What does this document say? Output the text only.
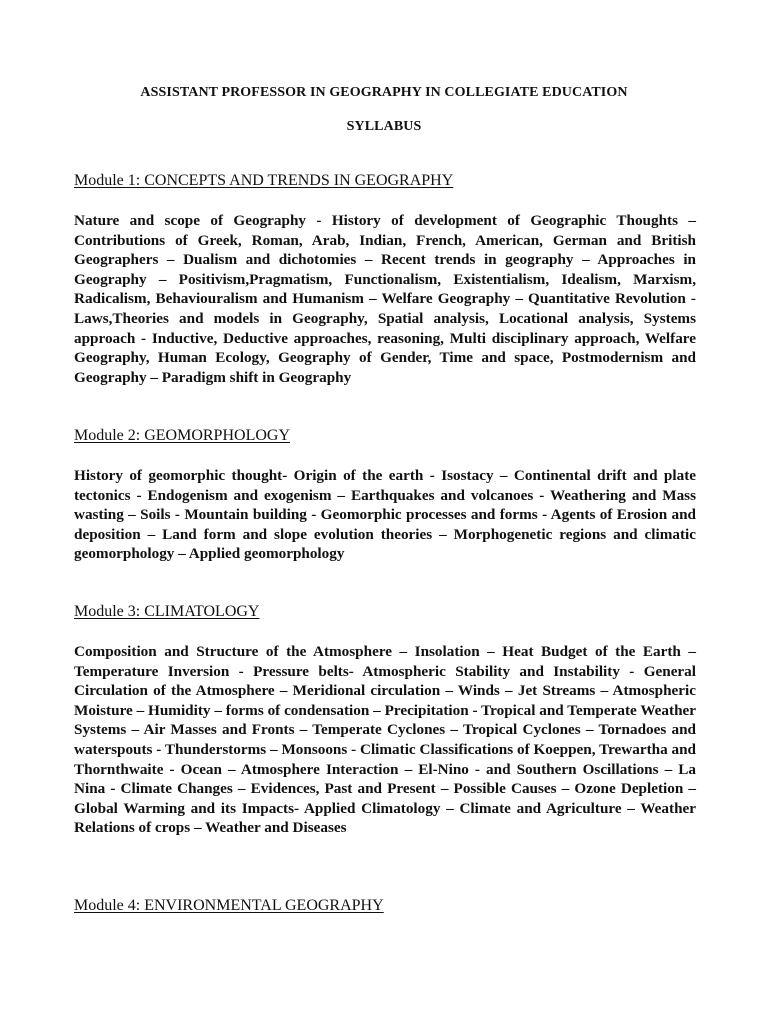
ASSISTANT PROFESSOR IN GEOGRAPHY IN COLLEGIATE EDUCATION
SYLLABUS
Module 1: CONCEPTS AND TRENDS IN GEOGRAPHY
Nature and scope of Geography - History of development of Geographic Thoughts – Contributions of Greek, Roman, Arab, Indian, French, American, German and British Geographers – Dualism and dichotomies – Recent trends in geography – Approaches in Geography – Positivism,Pragmatism, Functionalism, Existentialism, Idealism, Marxism, Radicalism, Behaviouralism and Humanism – Welfare Geography – Quantitative Revolution - Laws,Theories and models in Geography, Spatial analysis, Locational analysis, Systems approach - Inductive, Deductive approaches, reasoning, Multi disciplinary approach, Welfare Geography, Human Ecology, Geography of Gender, Time and space, Postmodernism and Geography – Paradigm shift in Geography
Module 2: GEOMORPHOLOGY
History of geomorphic thought- Origin of the earth - Isostacy – Continental drift and plate tectonics - Endogenism and exogenism – Earthquakes and volcanoes - Weathering and Mass wasting – Soils - Mountain building - Geomorphic processes and forms - Agents of Erosion and deposition – Land form and slope evolution theories – Morphogenetic regions and climatic geomorphology – Applied geomorphology
Module 3: CLIMATOLOGY
Composition and Structure of the Atmosphere – Insolation – Heat Budget of the Earth –Temperature Inversion - Pressure belts- Atmospheric Stability and Instability - General Circulation of the Atmosphere – Meridional circulation – Winds – Jet Streams – Atmospheric Moisture – Humidity – forms of condensation – Precipitation - Tropical and Temperate Weather Systems – Air Masses and Fronts – Temperate Cyclones – Tropical Cyclones – Tornadoes and waterspouts - Thunderstorms – Monsoons - Climatic Classifications of Koeppen, Trewartha and Thornthwaite - Ocean – Atmosphere Interaction – El-Nino - and Southern Oscillations – La Nina - Climate Changes – Evidences, Past and Present – Possible Causes – Ozone Depletion – Global Warming and its Impacts- Applied Climatology – Climate and Agriculture – Weather Relations of crops – Weather and Diseases
Module 4: ENVIRONMENTAL GEOGRAPHY
